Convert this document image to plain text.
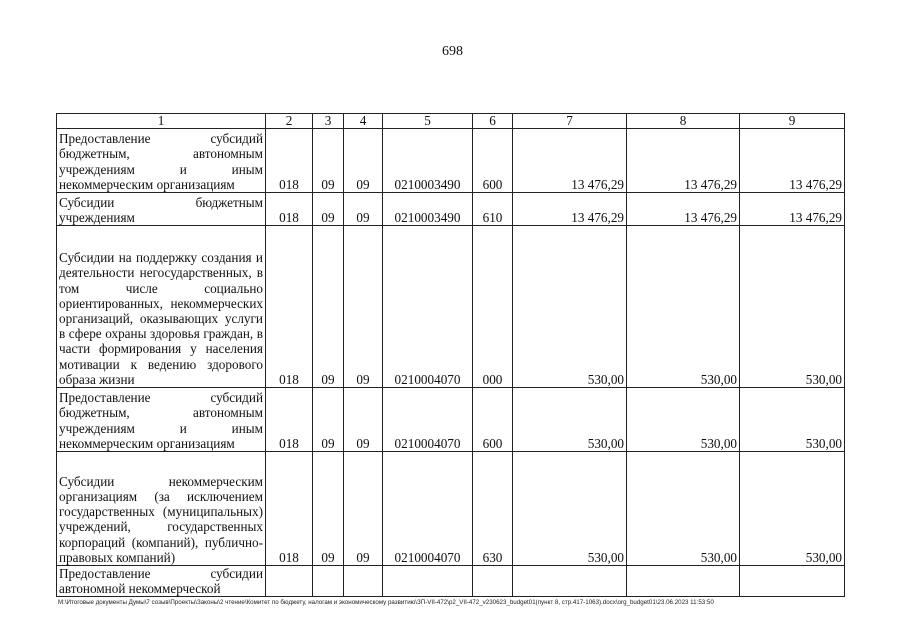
698
1	2	3	4	5	6	7	8	9
Предоставление субсидий бюджетным, автономным учреждениям и иным некоммерческим организациям	018	09	09	0210003490	600	13 476,29	13 476,29	13 476,29
Субсидии бюджетным учреждениям	018	09	09	0210003490	610	13 476,29	13 476,29	13 476,29
Субсидии на поддержку создания и деятельности негосударственных, в том числе социально ориентированных, некоммерческих организаций, оказывающих услуги в сфере охраны здоровья граждан, в части формирования у населения мотивации к ведению здорового образа жизни	018	09	09	0210004070	000	530,00	530,00	530,00
Предоставление субсидий бюджетным, автономным учреждениям и иным некоммерческим организациям	018	09	09	0210004070	600	530,00	530,00	530,00
Субсидии некоммерческим организациям (за исключением государственных (муниципальных) учреждений, государственных корпораций (компаний), публично-правовых компаний)	018	09	09	0210004070	630	530,00	530,00	530,00
Предоставление субсидии автономной некоммерческой								
M:\Итоговые документы Думы\7 созыв\Проекты\Законы\2 чтение\Комитет по бюджету, налогам и экономическому развитию\ЗП-VII-472\р2_VII-472_v230623_budget01(пункт 8, стр.417-1063).docx\org_budget01\23.06.2023 11:53:50
